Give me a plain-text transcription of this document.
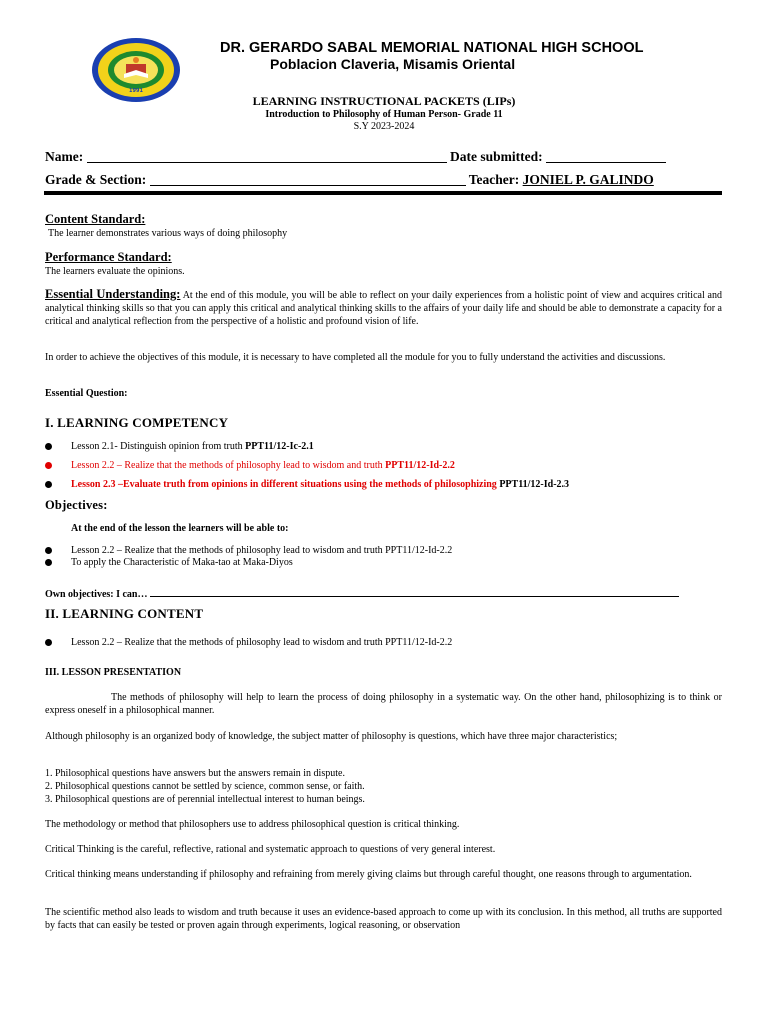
1991
DR. GERARDO SABAL MEMORIAL NATIONAL HIGH SCHOOL
Poblacion Claveria, Misamis Oriental
LEARNING INSTRUCTIONAL PACKETS (LIPs)
Introduction to Philosophy of Human Person- Grade 11
S.Y 2023-2024
Name:	Date submitted:
Grade & Section:	Teacher: JONIEL P. GALINDO
Content Standard:
The learner demonstrates various ways of doing philosophy
Performance Standard:
The learners evaluate the opinions.
Essential Understanding: At the end of this module, you will be able to reflect on your daily experiences from a holistic point of view and acquires critical and analytical thinking skills so that you can apply this critical and analytical thinking skills to the affairs of your daily life and should be able to demonstrate a capacity for a critical and analytical reflection from the perspective of a holistic and profound vision of life.
In order to achieve the objectives of this module, it is necessary to have completed all the module for you to fully understand the activities and discussions.
Essential Question:
I. LEARNING COMPETENCY
Lesson 2.1- Distinguish opinion from truth PPT11/12-Ic-2.1
Lesson 2.2 – Realize that the methods of philosophy lead to wisdom and truth PPT11/12-Id-2.2
Lesson 2.3 –Evaluate truth from opinions in different situations using the methods of philosophizing PPT11/12-Id-2.3
Objectives:
At the end of the lesson the learners will be able to:
Lesson 2.2 – Realize that the methods of philosophy lead to wisdom and truth PPT11/12-Id-2.2
To apply the Characteristic of Maka-tao at Maka-Diyos
Own objectives: I can…
II. LEARNING CONTENT
Lesson 2.2 – Realize that the methods of philosophy lead to wisdom and truth PPT11/12-Id-2.2
III. LESSON PRESENTATION
The methods of philosophy will help to learn the process of doing philosophy in a systematic way. On the other hand, philosophizing is to think or express oneself in a philosophical manner.
Although philosophy is an organized body of knowledge, the subject matter of philosophy is questions, which have three major characteristics;
1. Philosophical questions have answers but the answers remain in dispute.
2. Philosophical questions cannot be settled by science, common sense, or faith.
3. Philosophical questions are of perennial intellectual interest to human beings.
The methodology or method that philosophers use to address philosophical question is critical thinking.
Critical Thinking is the careful, reflective, rational and systematic approach to questions of very general interest.
Critical thinking means understanding if philosophy and refraining from merely giving claims but through careful thought, one reasons through to argumentation.
The scientific method also leads to wisdom and truth because it uses an evidence-based approach to come up with its conclusion. In this method, all truths are supported by facts that can easily be tested or proven again through experiments, logical reasoning, or observation
